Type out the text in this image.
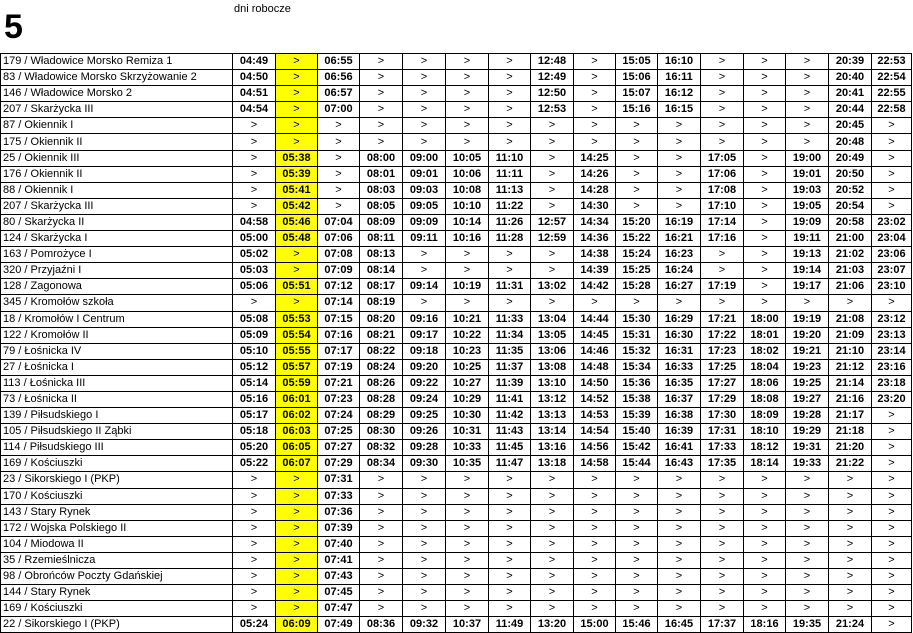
5	dni robocze
179 / Władowice Morsko Remiza 1	04:49	>	06:55	>	>	>	>	12:48	>	15:05	16:10	>	>	>	20:39	22:53
83 / Władowice Morsko Skrzyżowanie 2	04:50	>	06:56	>	>	>	>	12:49	>	15:06	16:11	>	>	>	20:40	22:54
146 / Władowice Morsko 2	04:51	>	06:57	>	>	>	>	12:50	>	15:07	16:12	>	>	>	20:41	22:55
207 / Skarżycka III	04:54	>	07:00	>	>	>	>	12:53	>	15:16	16:15	>	>	>	20:44	22:58
87 / Okiennik I	>	>	>	>	>	>	>	>	>	>	>	>	>	>	20:45	>
175 / Okiennik II	>	>	>	>	>	>	>	>	>	>	>	>	>	>	20:48	>
25 / Okiennik III	>	05:38	>	08:00	09:00	10:05	11:10	>	14:25	>	>	17:05	>	19:00	20:49	>
176 / Okiennik II	>	05:39	>	08:01	09:01	10:06	11:11	>	14:26	>	>	17:06	>	19:01	20:50	>
88 / Okiennik I	>	05:41	>	08:03	09:03	10:08	11:13	>	14:28	>	>	17:08	>	19:03	20:52	>
207 / Skarżycka III	>	05:42	>	08:05	09:05	10:10	11:22	>	14:30	>	>	17:10	>	19:05	20:54	>
80 / Skarżycka II	04:58	05:46	07:04	08:09	09:09	10:14	11:26	12:57	14:34	15:20	16:19	17:14	>	19:09	20:58	23:02
124 / Skarżycka I	05:00	05:48	07:06	08:11	09:11	10:16	11:28	12:59	14:36	15:22	16:21	17:16	>	19:11	21:00	23:04
163 / Pomrożyce I	05:02	>	07:08	08:13	>	>	>	>	14:38	15:24	16:23	>	>	19:13	21:02	23:06
320 / Przyjaźni I	05:03	>	07:09	08:14	>	>	>	>	14:39	15:25	16:24	>	>	19:14	21:03	23:07
128 / Zagonowa	05:06	05:51	07:12	08:17	09:14	10:19	11:31	13:02	14:42	15:28	16:27	17:19	>	19:17	21:06	23:10
345 / Kromołów szkoła	>	>	07:14	08:19	>	>	>	>	>	>	>	>	>	>	>	>
18 / Kromołów I Centrum	05:08	05:53	07:15	08:20	09:16	10:21	11:33	13:04	14:44	15:30	16:29	17:21	18:00	19:19	21:08	23:12
122 / Kromołów II	05:09	05:54	07:16	08:21	09:17	10:22	11:34	13:05	14:45	15:31	16:30	17:22	18:01	19:20	21:09	23:13
79 / Łośnicka IV	05:10	05:55	07:17	08:22	09:18	10:23	11:35	13:06	14:46	15:32	16:31	17:23	18:02	19:21	21:10	23:14
27 / Łośnicka I	05:12	05:57	07:19	08:24	09:20	10:25	11:37	13:08	14:48	15:34	16:33	17:25	18:04	19:23	21:12	23:16
113 / Łośnicka III	05:14	05:59	07:21	08:26	09:22	10:27	11:39	13:10	14:50	15:36	16:35	17:27	18:06	19:25	21:14	23:18
73 / Łośnicka II	05:16	06:01	07:23	08:28	09:24	10:29	11:41	13:12	14:52	15:38	16:37	17:29	18:08	19:27	21:16	23:20
139 / Piłsudskiego I	05:17	06:02	07:24	08:29	09:25	10:30	11:42	13:13	14:53	15:39	16:38	17:30	18:09	19:28	21:17	>
105 / Piłsudskiego II Ząbki	05:18	06:03	07:25	08:30	09:26	10:31	11:43	13:14	14:54	15:40	16:39	17:31	18:10	19:29	21:18	>
114 / Piłsudskiego III	05:20	06:05	07:27	08:32	09:28	10:33	11:45	13:16	14:56	15:42	16:41	17:33	18:12	19:31	21:20	>
169 / Kościuszki	05:22	06:07	07:29	08:34	09:30	10:35	11:47	13:18	14:58	15:44	16:43	17:35	18:14	19:33	21:22	>
23 / Sikorskiego I (PKP)	>	>	07:31	>	>	>	>	>	>	>	>	>	>	>	>	>
170 / Kościuszki	>	>	07:33	>	>	>	>	>	>	>	>	>	>	>	>	>
143 / Stary Rynek	>	>	07:36	>	>	>	>	>	>	>	>	>	>	>	>	>
172 / Wojska Polskiego II	>	>	07:39	>	>	>	>	>	>	>	>	>	>	>	>	>
104 / Miodowa II	>	>	07:40	>	>	>	>	>	>	>	>	>	>	>	>	>
35 / Rzemieślnicza	>	>	07:41	>	>	>	>	>	>	>	>	>	>	>	>	>
98 / Obrońców Poczty Gdańskiej	>	>	07:43	>	>	>	>	>	>	>	>	>	>	>	>	>
144 / Stary Rynek	>	>	07:45	>	>	>	>	>	>	>	>	>	>	>	>	>
169 / Kościuszki	>	>	07:47	>	>	>	>	>	>	>	>	>	>	>	>	>
22 / Sikorskiego I (PKP)	05:24	06:09	07:49	08:36	09:32	10:37	11:49	13:20	15:00	15:46	16:45	17:37	18:16	19:35	21:24	>
